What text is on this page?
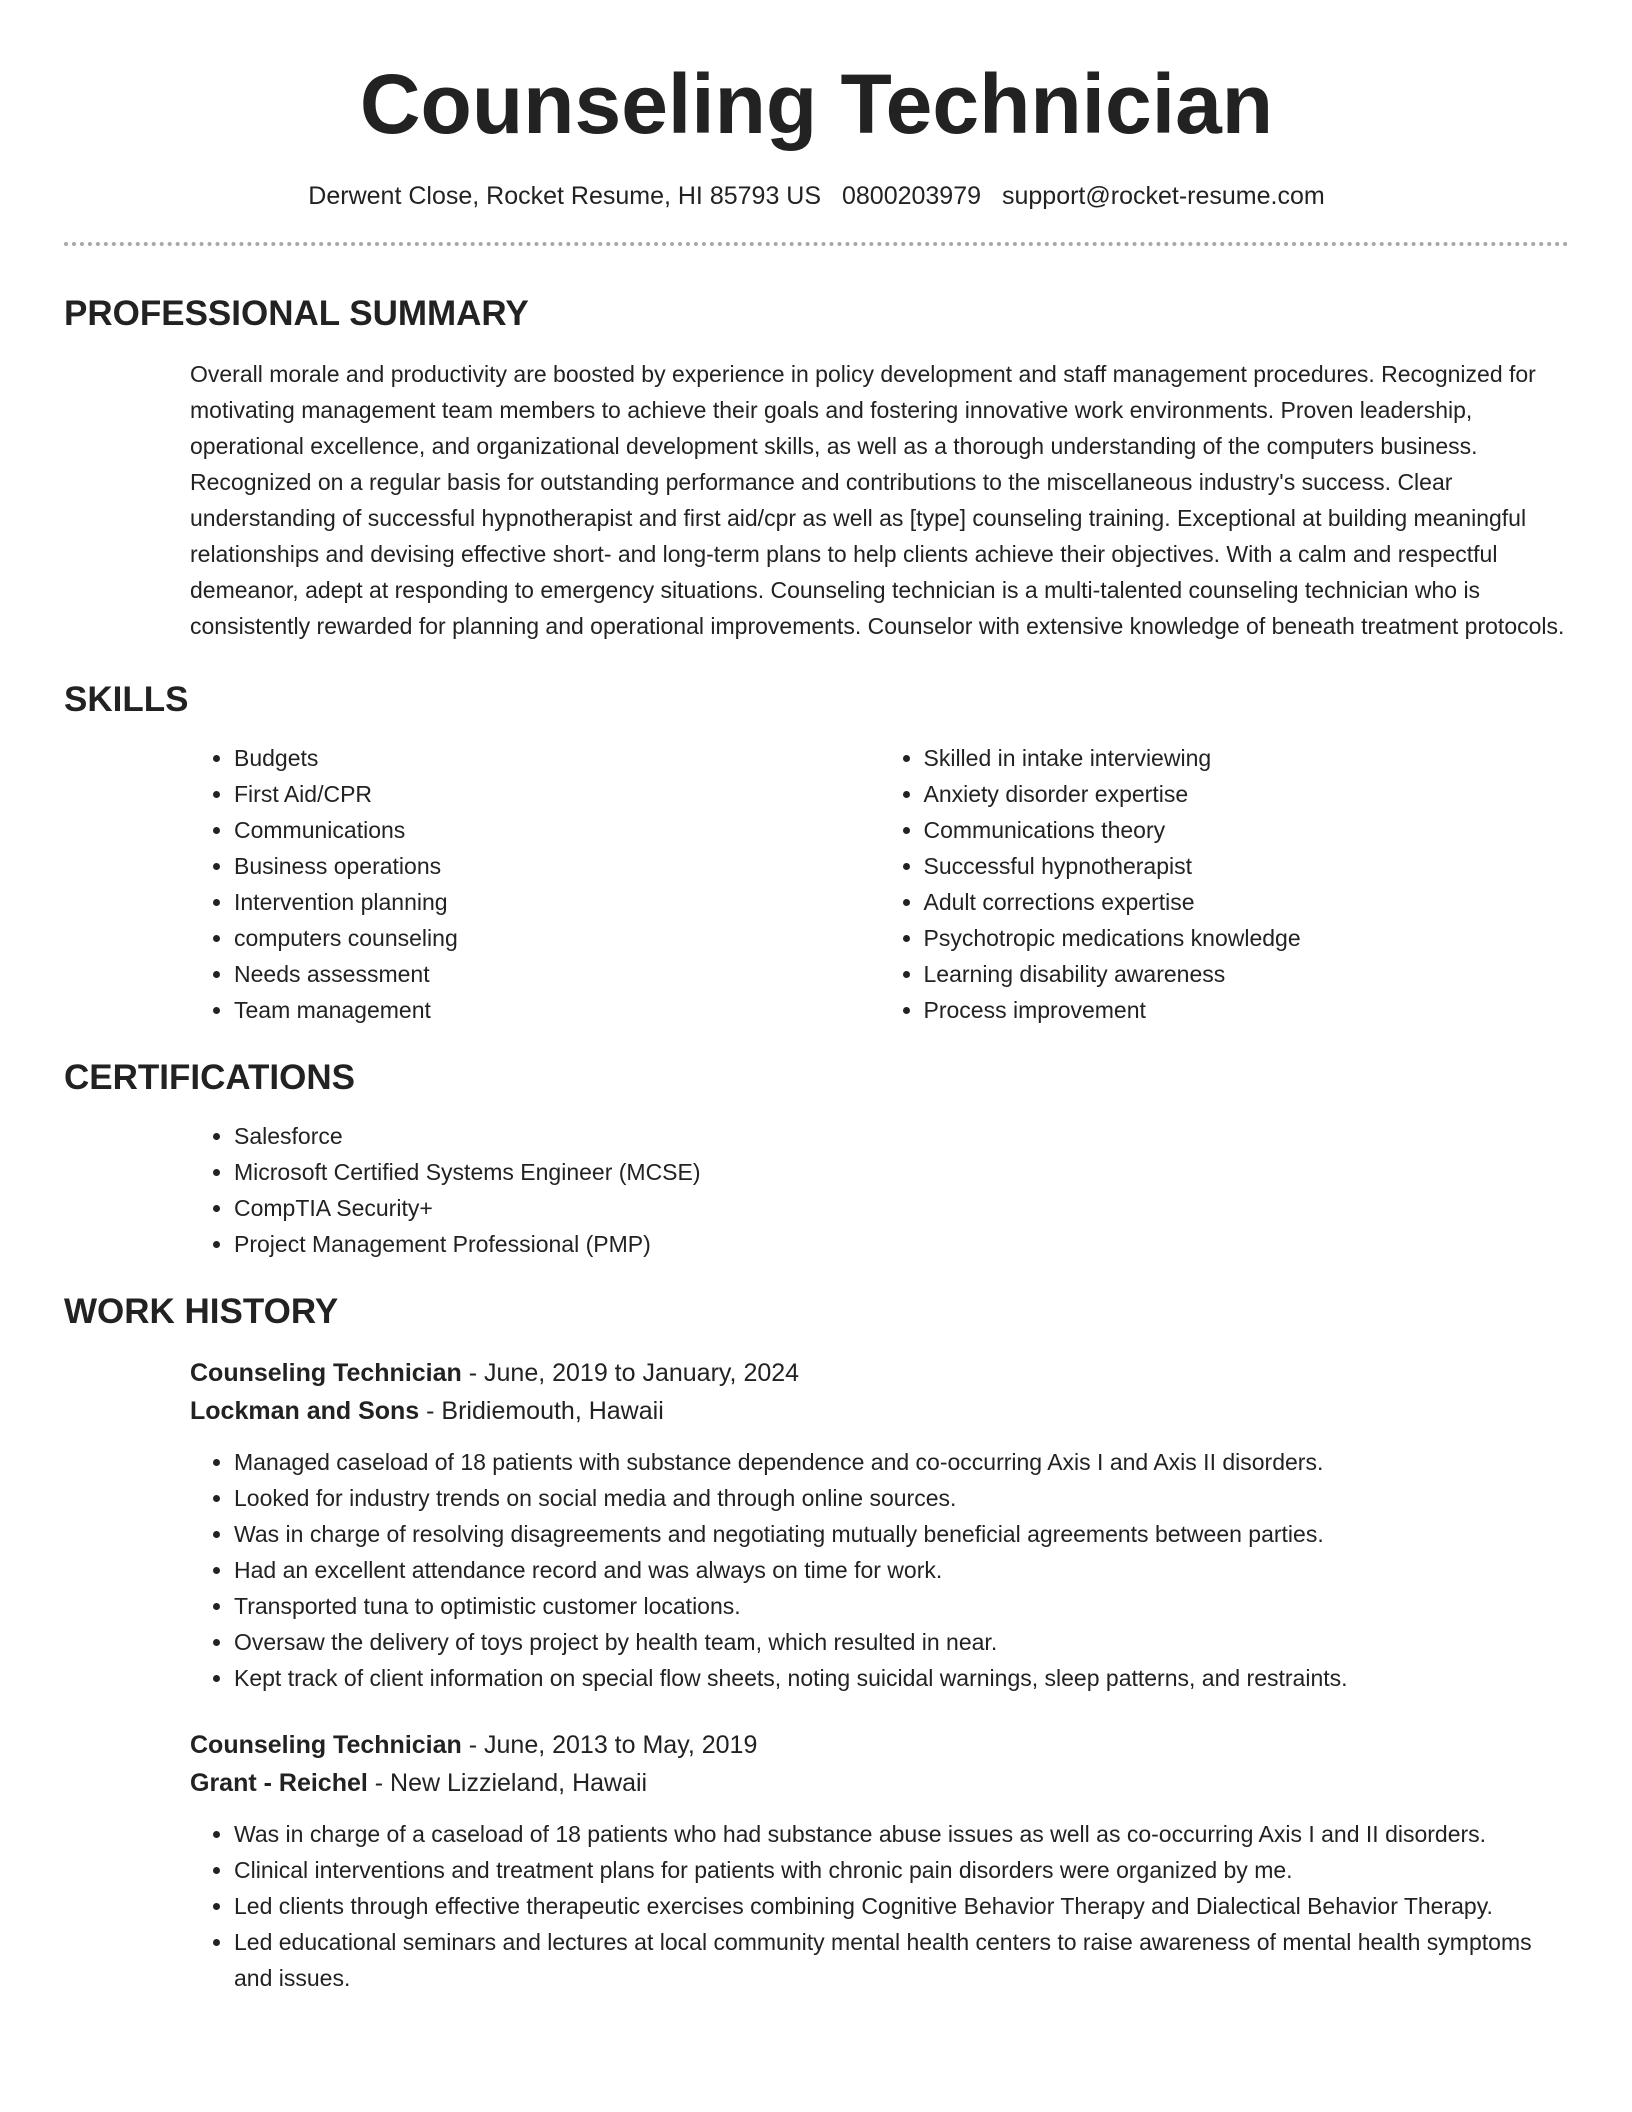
Counseling Technician
Derwent Close, Rocket Resume, HI 85793 US 0800203979 support@rocket-resume.com
PROFESSIONAL SUMMARY

Overall morale and productivity are boosted by experience in policy development and staff management procedures. Recognized for motivating management team members to achieve their goals and fostering innovative work environments. Proven leadership, operational excellence, and organizational development skills, as well as a thorough understanding of the computers business. Recognized on a regular basis for outstanding performance and contributions to the miscellaneous industry's success. Clear understanding of successful hypnotherapist and first aid/cpr as well as [type] counseling training. Exceptional at building meaningful relationships and devising effective short- and long-term plans to help clients achieve their objectives. With a calm and respectful demeanor, adept at responding to emergency situations. Counseling technician is a multi-talented counseling technician who is consistently rewarded for planning and operational improvements. Counselor with extensive knowledge of beneath treatment protocols.

SKILLS
• Budgets
• First Aid/CPR
• Communications
• Business operations
• Intervention planning
• computers counseling
• Needs assessment
• Team management
• Skilled in intake interviewing
• Anxiety disorder expertise
• Communications theory
• Successful hypnotherapist
• Adult corrections expertise
• Psychotropic medications knowledge
• Learning disability awareness
• Process improvement
CERTIFICATIONS
• Salesforce
• Microsoft Certified Systems Engineer (MCSE)
• CompTIA Security+
• Project Management Professional (PMP)
WORK HISTORY
Counseling Technician - June, 2019 to January, 2024
Lockman and Sons - Bridiemouth, Hawaii
• Managed caseload of 18 patients with substance dependence and co-occurring Axis I and Axis II disorders.
• Looked for industry trends on social media and through online sources.
• Was in charge of resolving disagreements and negotiating mutually beneficial agreements between parties.
• Had an excellent attendance record and was always on time for work.
• Transported tuna to optimistic customer locations.
• Oversaw the delivery of toys project by health team, which resulted in near.
• Kept track of client information on special flow sheets, noting suicidal warnings, sleep patterns, and restraints.
Counseling Technician - June, 2013 to May, 2019
Grant - Reichel - New Lizzieland, Hawaii
• Was in charge of a caseload of 18 patients who had substance abuse issues as well as co-occurring Axis I and II disorders.
• Clinical interventions and treatment plans for patients with chronic pain disorders were organized by me.
• Led clients through effective therapeutic exercises combining Cognitive Behavior Therapy and Dialectical Behavior Therapy.
• Led educational seminars and lectures at local community mental health centers to raise awareness of mental health symptoms and issues.
